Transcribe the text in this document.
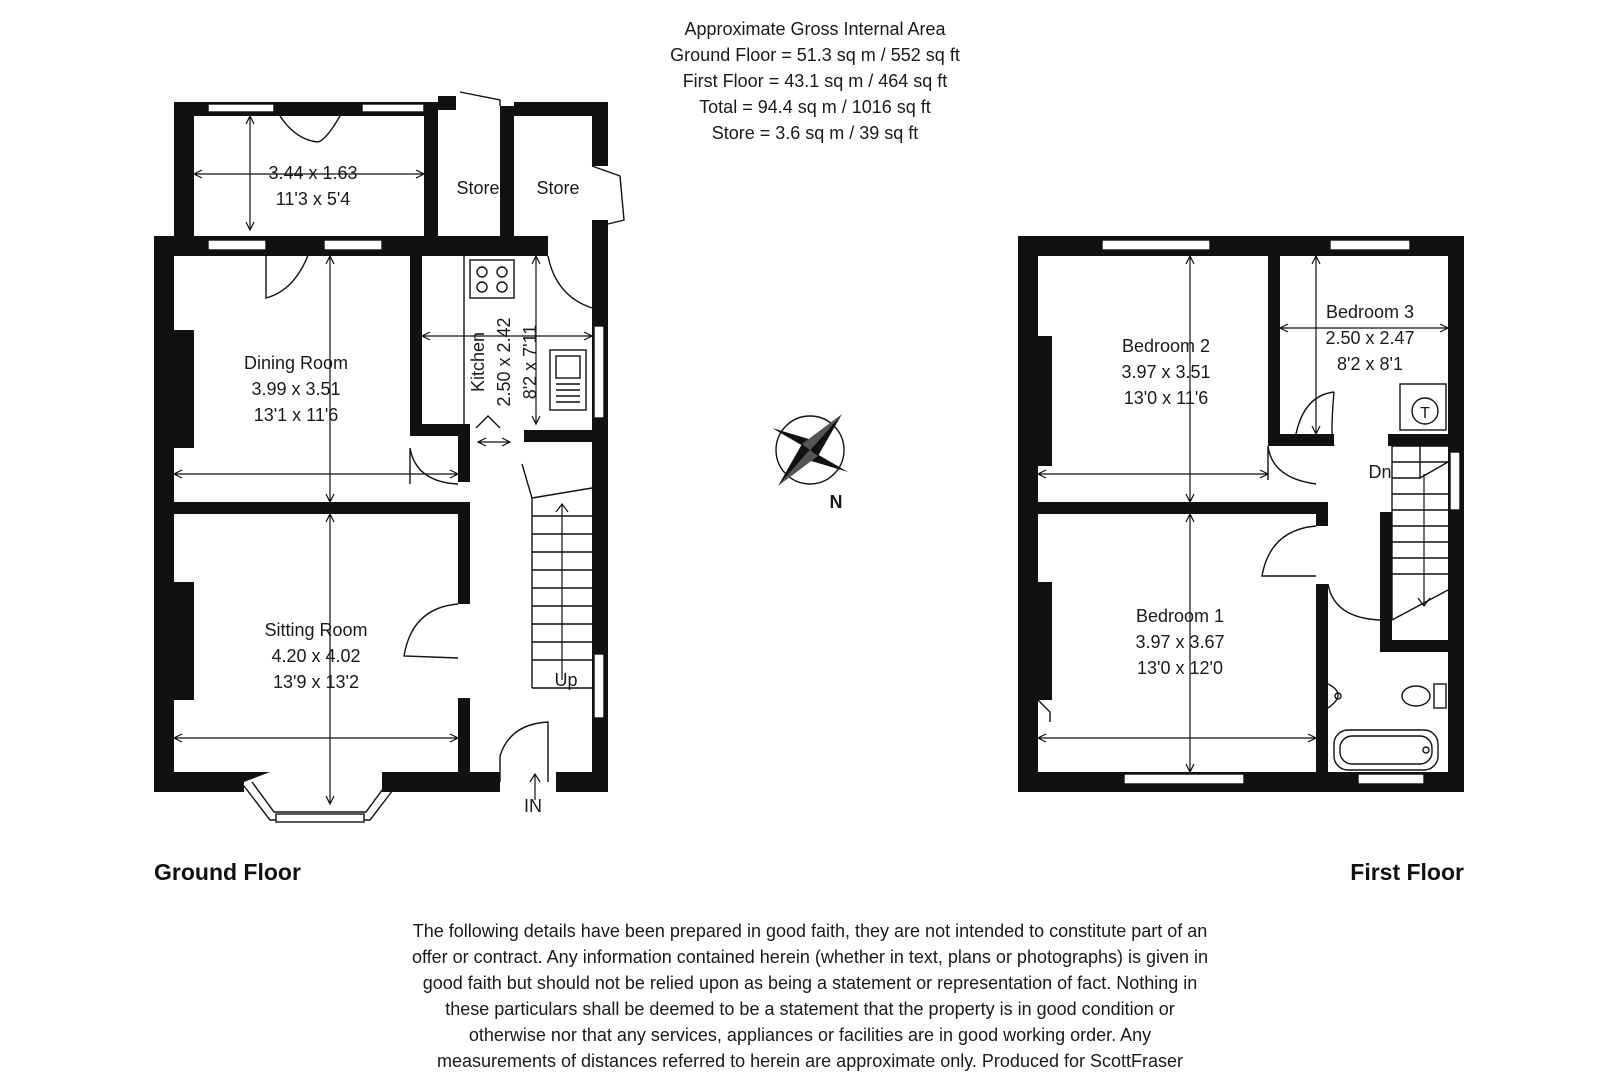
Approximate Gross Internal Area
Ground Floor = 51.3 sq m / 552 sq ft
First Floor = 43.1 sq m / 464 sq ft
Total = 94.4 sq m / 1016 sq ft
Store = 3.6 sq m / 39 sq ft
3.44 x 1.63
11'3 x 5'4
Store Store
Dining Room
3.99 x 3.51
13'1 x 11'6
Kitchen 2.50 x 2.42 8'2 x 7'11
Sitting Room
4.20 x 4.02
13'9 x 13'2	Up
IN
Ground Floor
Bedroom 2
3.97 x 3.51
13'0 x 11'6
Bedroom 3
2.50 x 2.47
8'2 x 8'1
Bedroom 1
3.97 x 3.67
13'0 x 12'0
Dn
T
First Floor
N
The following details have been prepared in good faith, they are not intended to constitute part of an
offer or contract. Any information contained herein (whether in text, plans or photographs) is given in
good faith but should not be relied upon as being a statement or representation of fact. Nothing in
these particulars shall be deemed to be a statement that the property is in good condition or
otherwise nor that any services, appliances or facilities are in good working order. Any
measurements of distances referred to herein are approximate only. Produced for ScottFraser
